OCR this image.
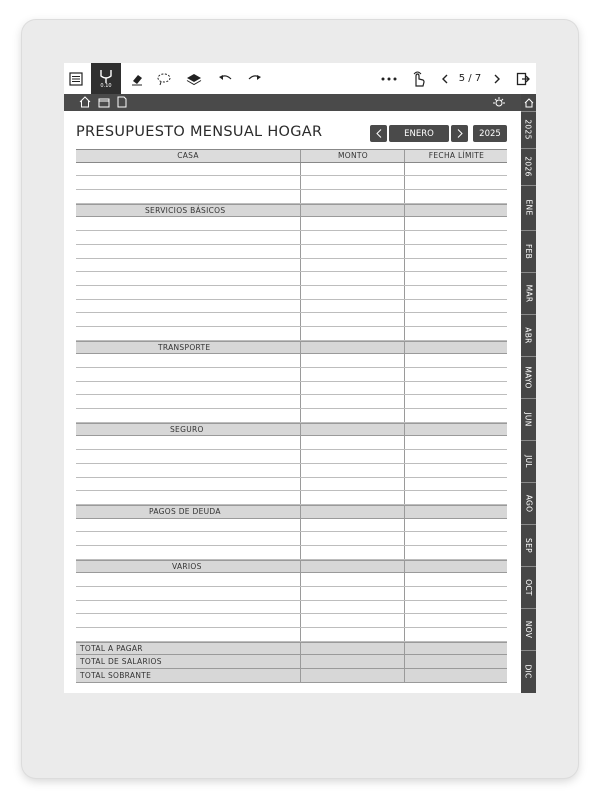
0.10
5 / 7
2025
2026
ENE
FEB
MAR
ABR
MAYO
JUN
JUL
AGO
SEP
OCT
NOV
DIC
PRESUPUESTO MENSUAL HOGAR	ENERO	2025
CASA	MONTO	FECHA LÍMITE
SERVICIOS BÁSICOS
TRANSPORTE
SEGURO
PAGOS DE DEUDA
VARIOS
TOTAL A PAGAR
TOTAL DE SALARIOS
TOTAL SOBRANTE
